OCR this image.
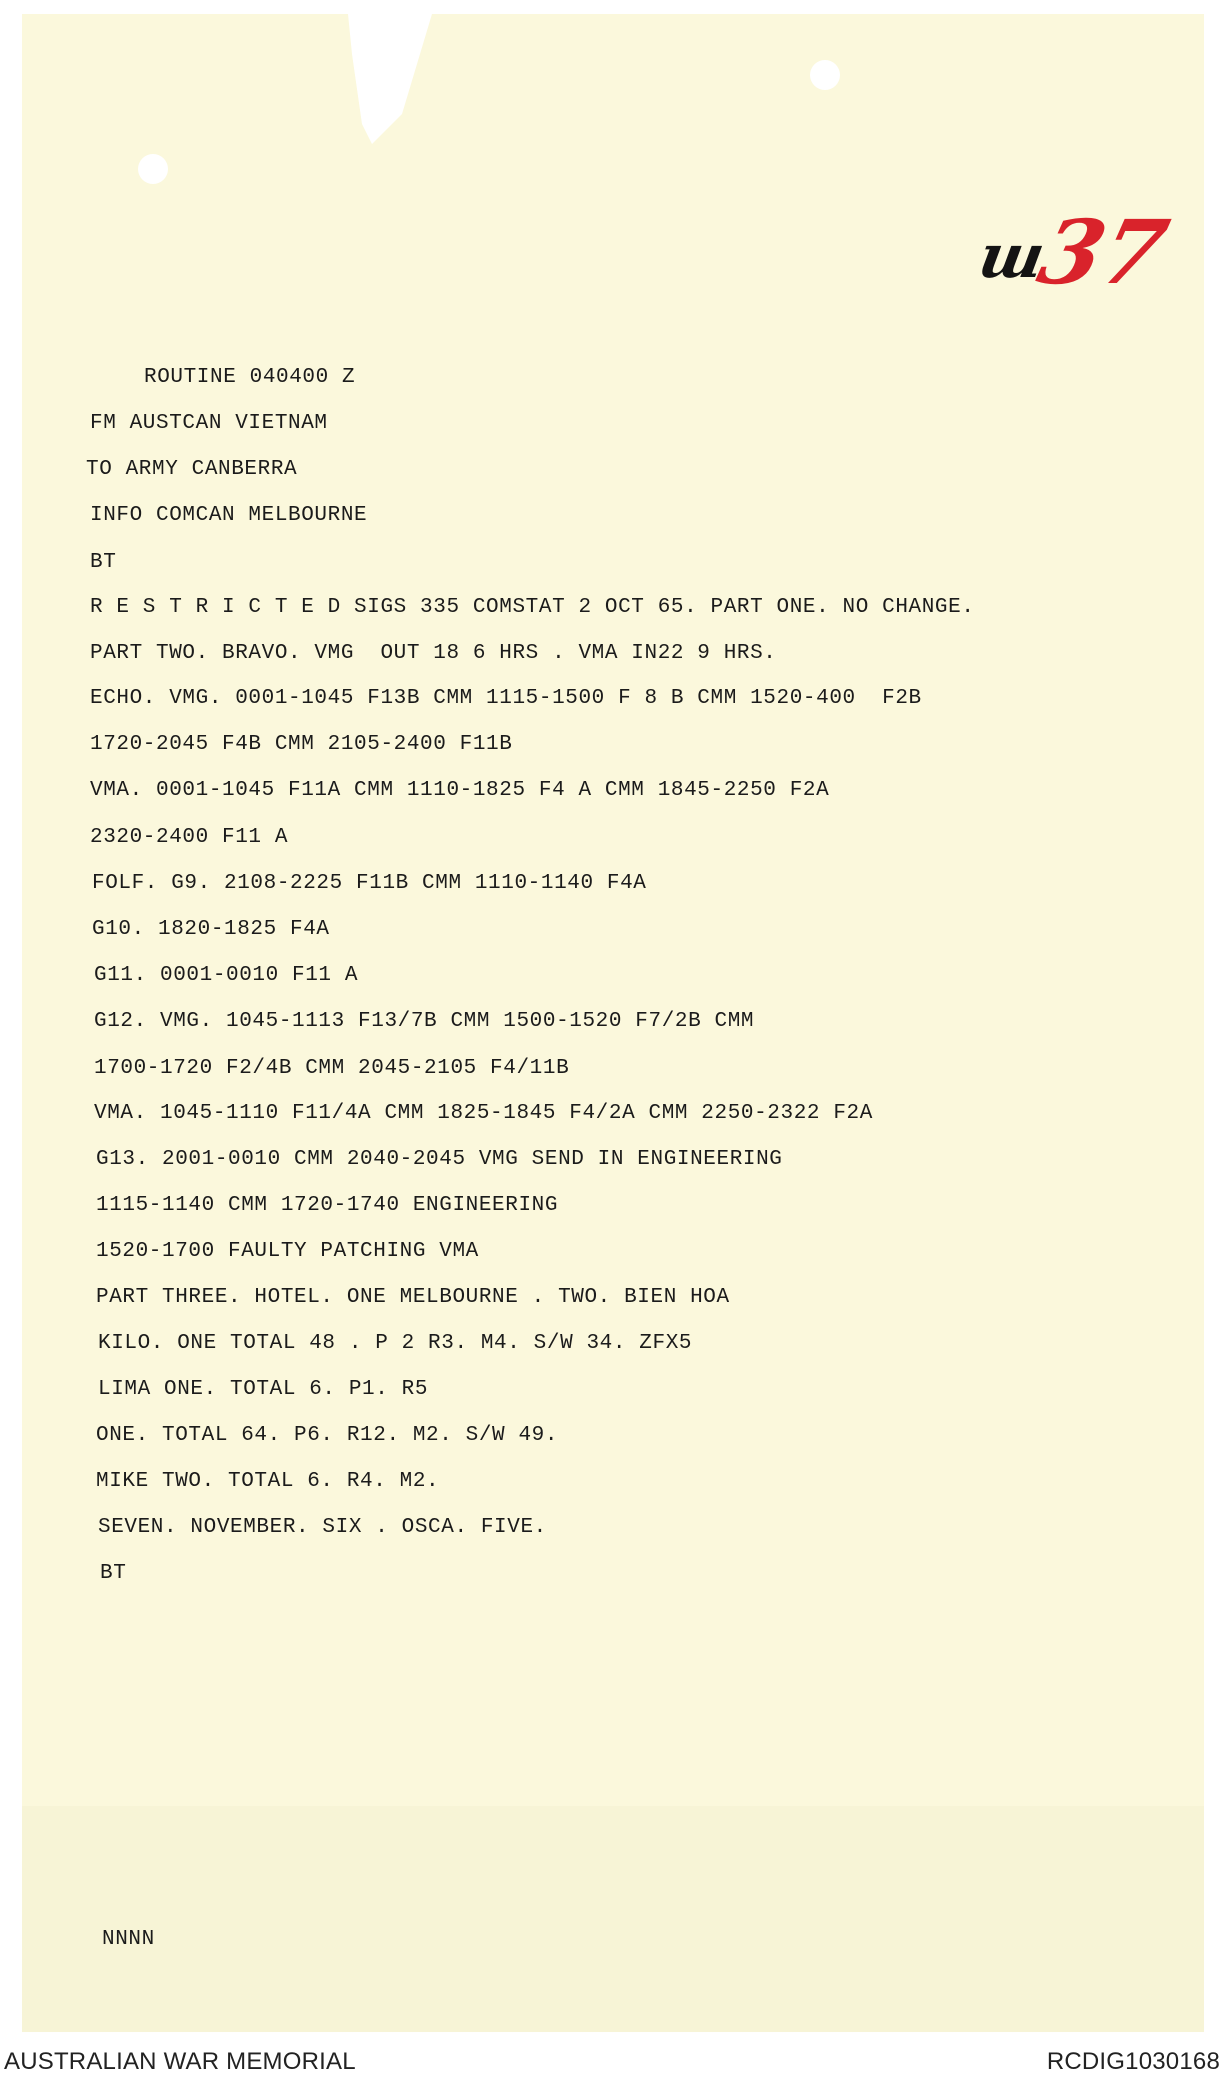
ш
37
ROUTINE 040400 Z
FM AUSTCAN VIETNAM
TO ARMY CANBERRA
INFO COMCAN MELBOURNE
BT
R E S T R I C T E D SIGS 335 COMSTAT 2 OCT 65. PART ONE. NO CHANGE.
PART TWO. BRAVO. VMG  OUT 18 6 HRS . VMA IN22 9 HRS.
ECHO. VMG. 0001-1045 F13B CMM 1115-1500 F 8 B CMM 1520-400  F2B
1720-2045 F4B CMM 2105-2400 F11B
VMA. 0001-1045 F11A CMM 1110-1825 F4 A CMM 1845-2250 F2A
2320-2400 F11 A
FOLF. G9. 2108-2225 F11B CMM 1110-1140 F4A
G10. 1820-1825 F4A
G11. 0001-0010 F11 A
G12. VMG. 1045-1113 F13/7B CMM 1500-1520 F7/2B CMM
1700-1720 F2/4B CMM 2045-2105 F4/11B
VMA. 1045-1110 F11/4A CMM 1825-1845 F4/2A CMM 2250-2322 F2A
G13. 2001-0010 CMM 2040-2045 VMG SEND IN ENGINEERING
1115-1140 CMM 1720-1740 ENGINEERING
1520-1700 FAULTY PATCHING VMA
PART THREE. HOTEL. ONE MELBOURNE . TWO. BIEN HOA
KILO. ONE TOTAL 48 . P 2 R3. M4. S/W 34. ZFX5
LIMA ONE. TOTAL 6. P1. R5
ONE. TOTAL 64. P6. R12. M2. S/W 49.
MIKE TWO. TOTAL 6. R4. M2.
SEVEN. NOVEMBER. SIX . OSCA. FIVE.
BT
NNNN
AUSTRALIAN WAR MEMORIAL	RCDIG1030168
